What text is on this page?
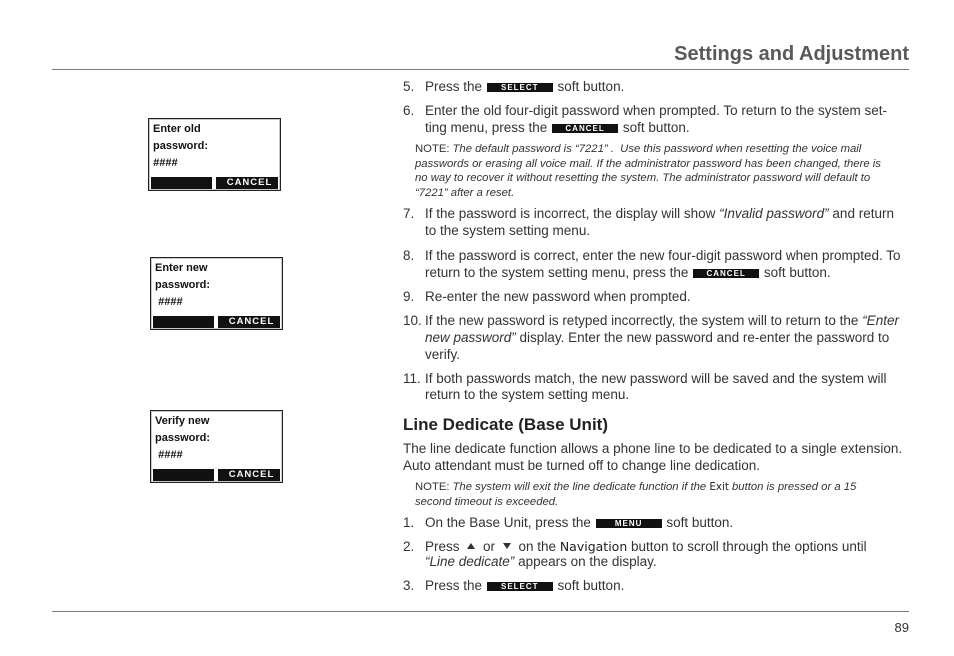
Settings and Adjustment
Enter old
password:
####
CANCEL
Enter new
password:
####
CANCEL
Verify new
password:
####
CANCEL
5. Press the SELECT soft button.
6. Enter the old four-digit password when prompted. To return to the system set-
ting menu, press the CANCEL soft button.
NOTE: The default password is “7221” .  Use this password when resetting the voice mail
passwords or erasing all voice mail. If the administrator password has been changed, there is
no way to recover it without resetting the system. The administrator password will default to
“7221” after a reset.
7. If the password is incorrect, the display will show “Invalid password” and return
to the system setting menu.
8. If the password is correct, enter the new four-digit password when prompted. To
return to the system setting menu, press the CANCEL soft button.
9. Re-enter the new password when prompted.
10. If the new password is retyped incorrectly, the system will to return to the “Enter
new password” display. Enter the new password and re-enter the password to
verify.
11. If both passwords match, the new password will be saved and the system will
return to the system setting menu.
Line Dedicate (Base Unit)
The line dedicate function allows a phone line to be dedicated to a single extension.
Auto attendant must be turned off to change line dedication.
NOTE: The system will exit the line dedicate function if the Exit button is pressed or a 15
second timeout is exceeded.
1. On the Base Unit, press the	MENU soft button.
2. Press  or  on the Navigation button to scroll through the options until
“Line dedicate” appears on the display.
3. Press the SELECT soft button.
89
